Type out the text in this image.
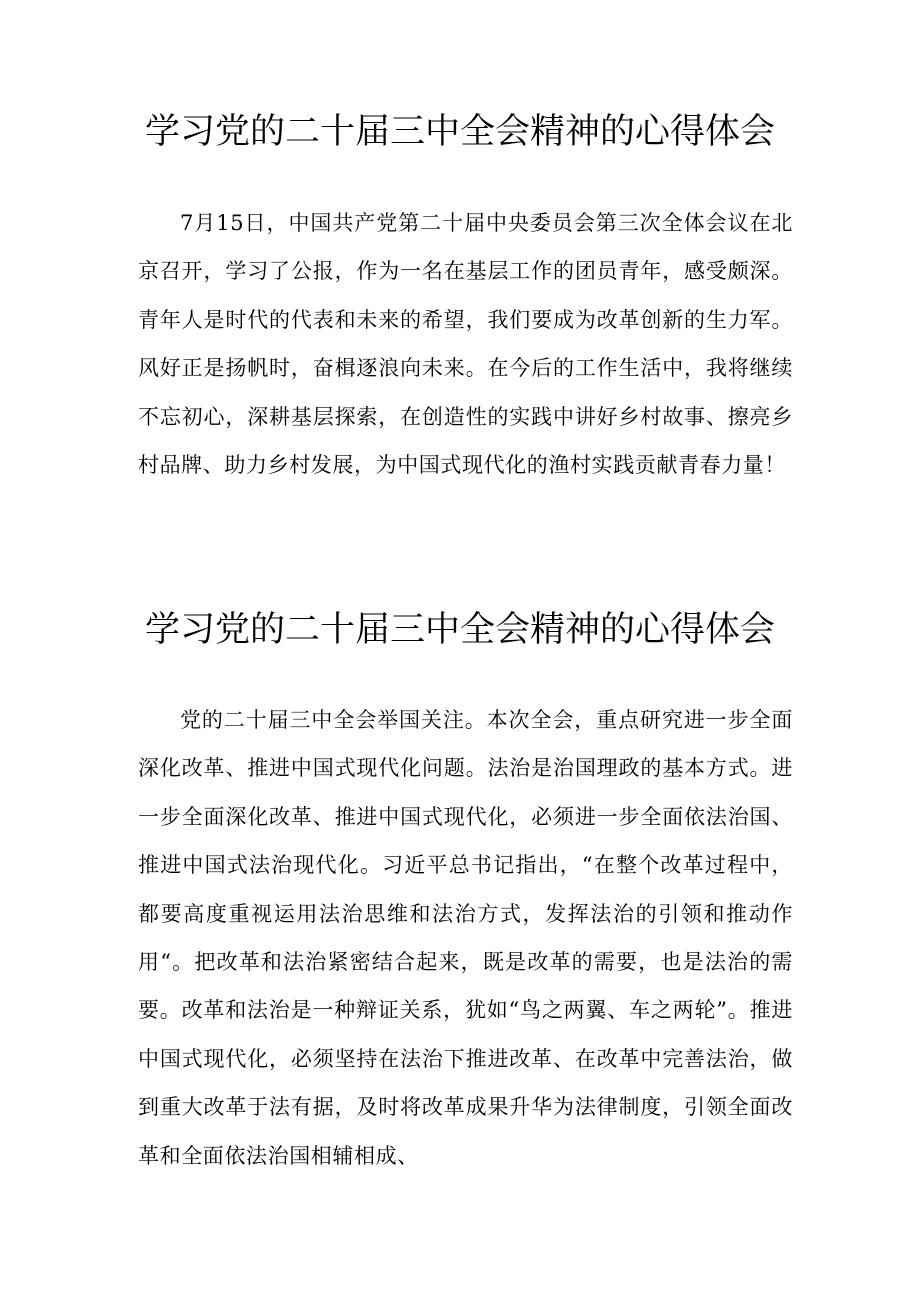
学习党的二十届三中全会精神的心得体会

7月15日，中国共产党第二十届中央委员会第三次全体会议在北京召开，学习了公报，作为一名在基层工作的团员青年，感受颇深。青年人是时代的代表和未来的希望，我们要成为改革创新的生力军。风好正是扬帆时，奋楫逐浪向未来。在今后的工作生活中，我将继续不忘初心，深耕基层探索，在创造性的实践中讲好乡村故事、擦亮乡村品牌、助力乡村发展，为中国式现代化的渔村实践贡献青春力量！

学习党的二十届三中全会精神的心得体会

党的二十届三中全会举国关注。本次全会，重点研究进一步全面深化改革、推进中国式现代化问题。法治是治国理政的基本方式。进一步全面深化改革、推进中国式现代化，必须进一步全面依法治国、推进中国式法治现代化。习近平总书记指出，“在整个改革过程中，都要高度重视运用法治思维和法治方式，发挥法治的引领和推动作用“。把改革和法治紧密结合起来，既是改革的需要，也是法治的需要。改革和法治是一种辩证关系，犹如“鸟之两翼、车之两轮”。推进中国式现代化，必须坚持在法治下推进改革、在改革中完善法治，做到重大改革于法有据，及时将改革成果升华为法律制度，引领全面改革和全面依法治国相辅相成、
